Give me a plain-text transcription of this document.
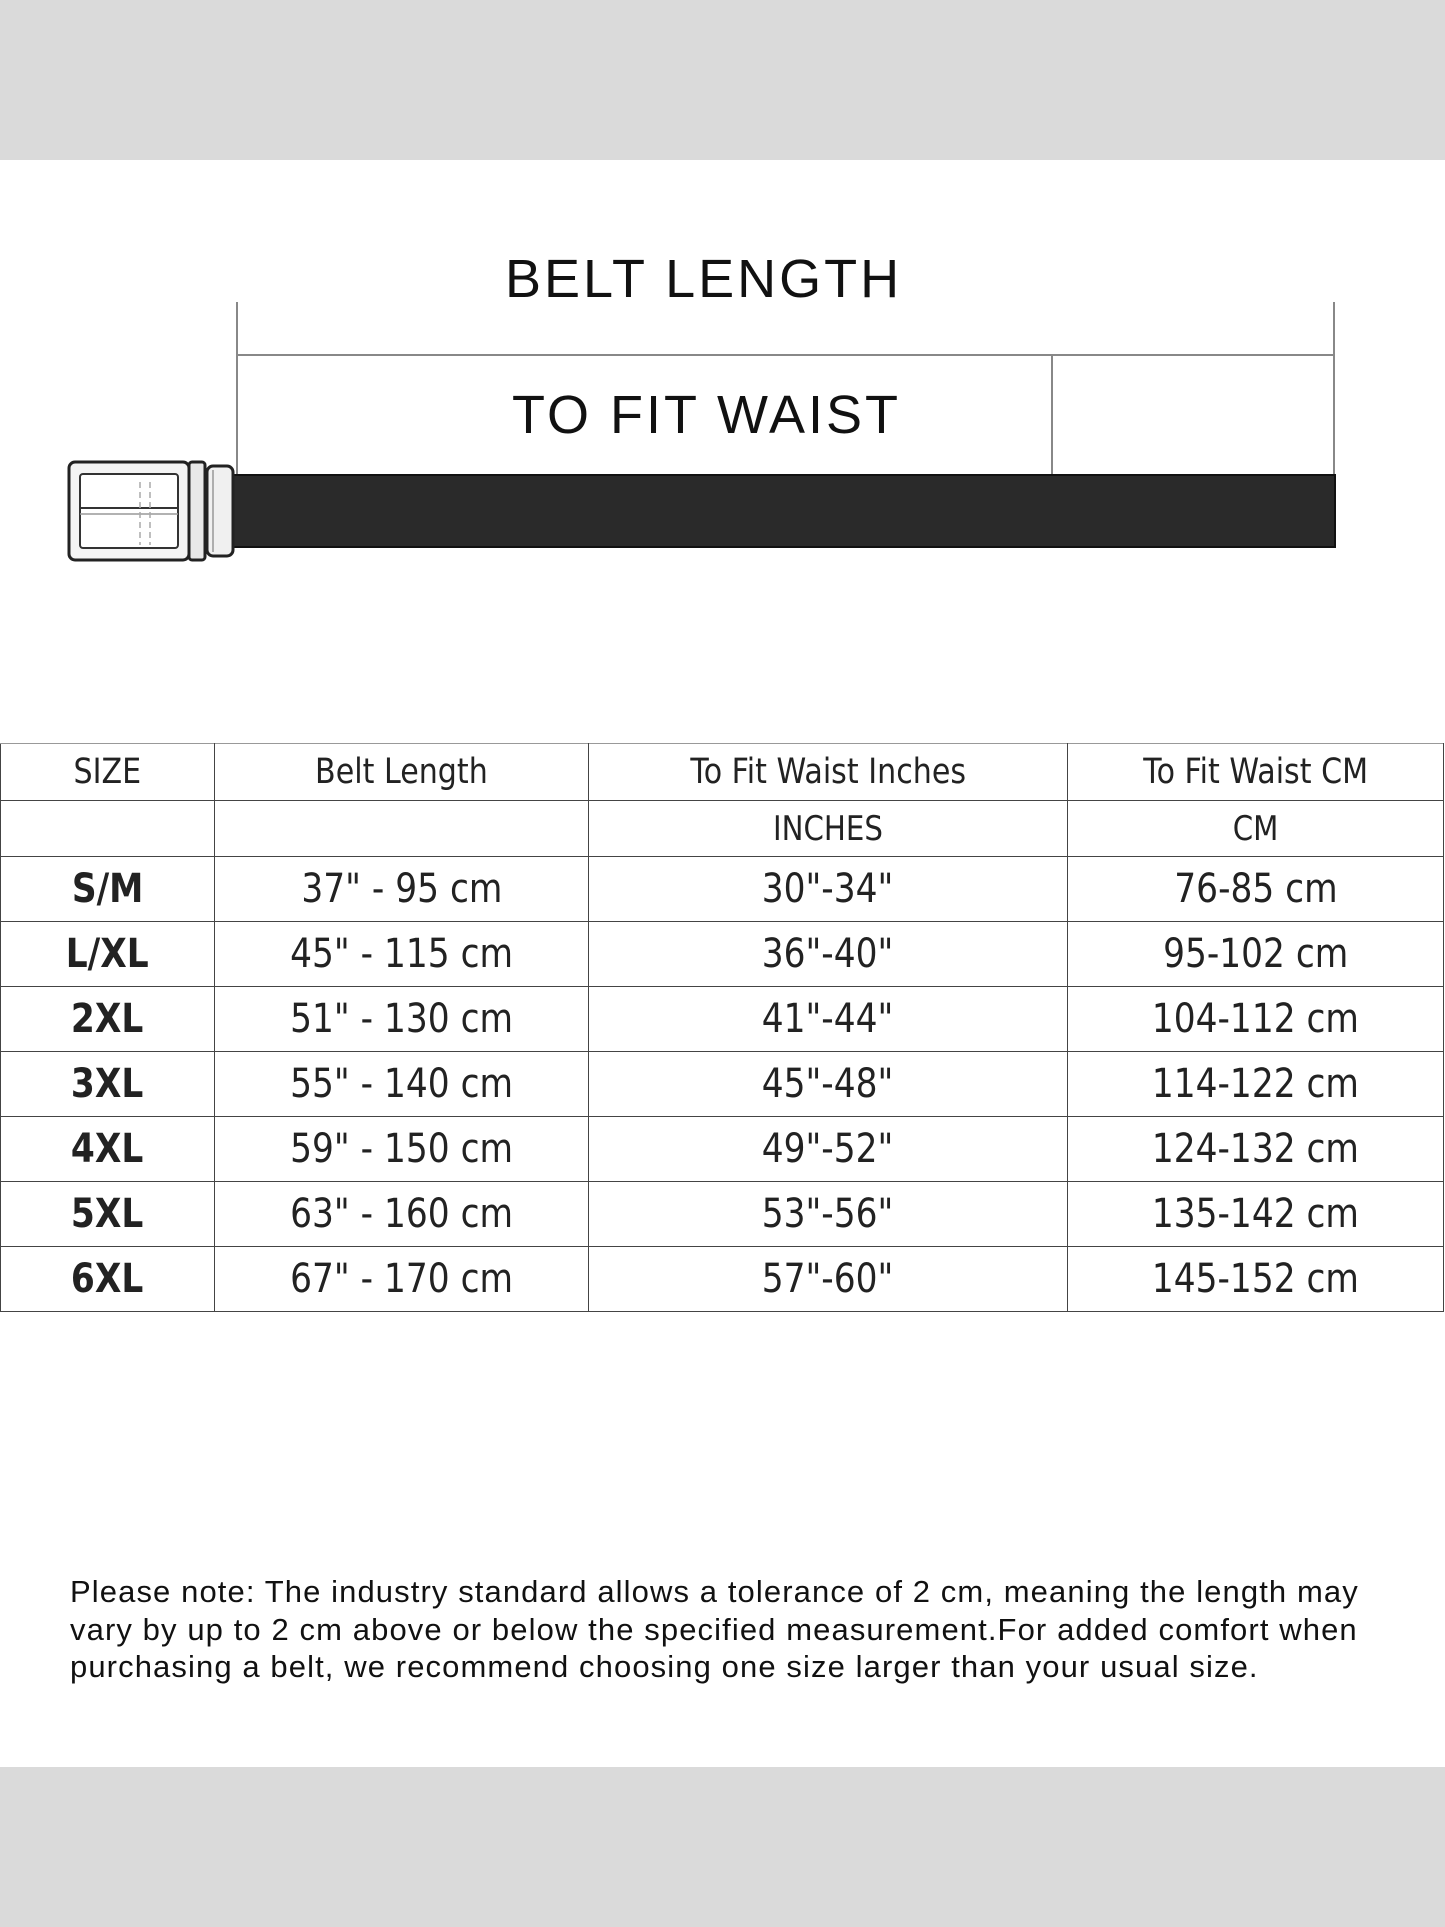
BELT LENGTH
TO FIT WAIST
SIZE	Belt Length	To Fit Waist Inches	To Fit Waist CM
		INCHES	CM
S/M	37" - 95 cm	30"-34"	76-85 cm
L/XL	45" - 115 cm	36"-40"	95-102 cm
2XL	51" - 130 cm	41"-44"	104-112 cm
3XL	55" - 140 cm	45"-48"	114-122 cm
4XL	59" - 150 cm	49"-52"	124-132 cm
5XL	63" - 160 cm	53"-56"	135-142 cm
6XL	67" - 170 cm	57"-60"	145-152 cm
Please note: The industry standard allows a tolerance of 2 cm, meaning the length may vary by up to 2 cm above or below the specified measurement.For added comfort when purchasing a belt, we recommend choosing one size larger than your usual size.
